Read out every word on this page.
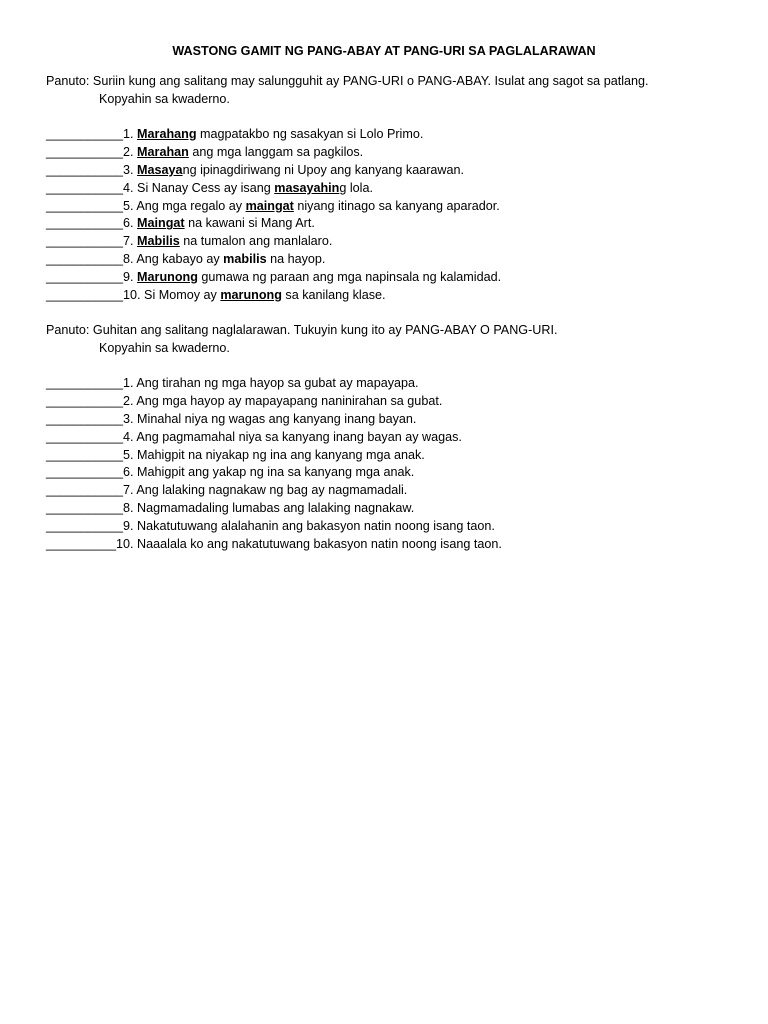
WASTONG GAMIT NG PANG-ABAY AT PANG-URI SA PAGLALARAWAN
Panuto: Suriin kung ang salitang may salungguhit ay PANG-URI o PANG-ABAY. Isulat ang sagot sa patlang.
Kopyahin sa kwaderno.
___________1. Marahang magpatakbo ng sasakyan si Lolo Primo.
___________2. Marahan ang mga langgam sa pagkilos.
___________3. Masayang ipinagdiriwang ni Upoy ang kanyang kaarawan.
___________4. Si Nanay Cess ay isang masayahing lola.
___________5. Ang mga regalo ay maingat niyang itinago sa kanyang aparador.
___________6. Maingat na kawani si Mang Art.
___________7. Mabilis na tumalon ang manlalaro.
___________8. Ang kabayo ay mabilis na hayop.
___________9. Marunong gumawa ng paraan ang mga napinsala ng kalamidad.
___________10. Si Momoy ay marunong sa kanilang klase.
Panuto: Guhitan ang salitang naglalarawan. Tukuyin kung ito ay PANG-ABAY O PANG-URI.
Kopyahin sa kwaderno.
___________1. Ang tirahan ng mga hayop sa gubat ay mapayapa.
___________2. Ang mga hayop ay mapayapang naninirahan sa gubat.
___________3. Minahal niya ng wagas ang kanyang inang bayan.
___________4. Ang pagmamahal niya sa kanyang inang bayan ay wagas.
___________5. Mahigpit na niyakap ng ina ang kanyang mga anak.
___________6. Mahigpit ang yakap ng ina sa kanyang mga anak.
___________7. Ang lalaking nagnakaw ng bag ay nagmamadali.
___________8. Nagmamadaling lumabas ang lalaking nagnakaw.
___________9. Nakatutuwang alalahanin ang bakasyon natin noong isang taon.
__________10. Naaalala ko ang nakatutuwang bakasyon natin noong isang taon.
